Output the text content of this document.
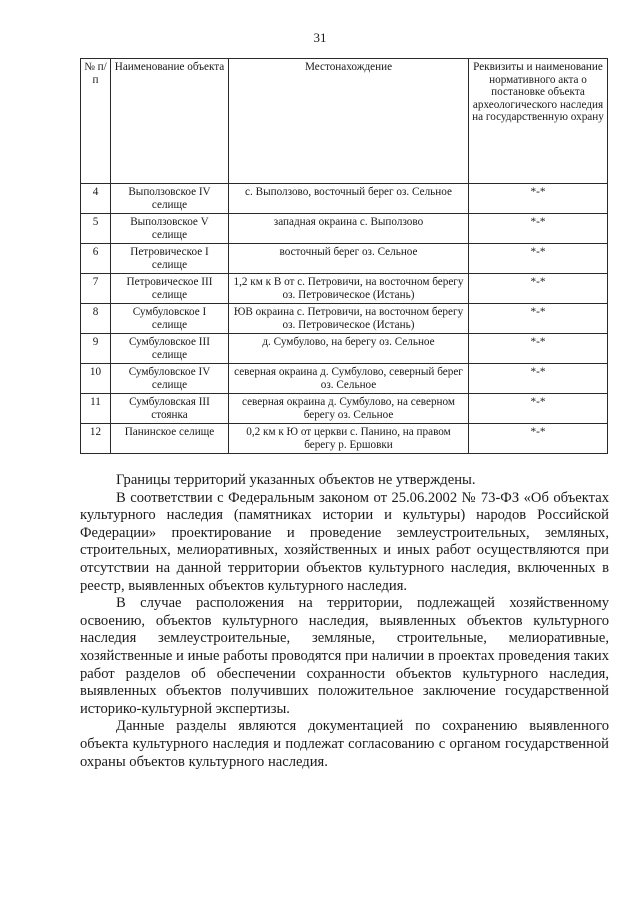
31
№ п/п	Наименование объекта	Местонахождение	Реквизиты и наименование нормативного акта о постановке объекта археологического наследия на государственную охрану
4	Выползовское IV селище	с. Выползово, восточный берег оз. Сельное	*-*
5	Выползовское V селище	западная окраина с. Выползово	*-*
6	Петровическое I селище	восточный берег оз. Сельное	*-*
7	Петровическое III селище	1,2 км к В от с. Петровичи, на восточном берегу оз. Петровическое (Истань)	*-*
8	Сумбуловское I селище	ЮВ окраина с. Петровичи, на восточном берегу оз. Петровическое (Истань)	*-*
9	Сумбуловское III селище	д. Сумбулово, на берегу оз. Сельное	*-*
10	Сумбуловское IV селище	северная окраина д. Сумбулово, северный берег оз. Сельное	*-*
11	Сумбуловская III стоянка	северная окраина д. Сумбулово, на северном берегу оз. Сельное	*-*
12	Панинское селище	0,2 км к Ю от церкви с. Панино, на правом берегу р. Ершовки	*-*

Границы территорий указанных объектов не утверждены.

В соответствии с Федеральным законом от 25.06.2002 № 73-ФЗ «Об объектах культурного наследия (памятниках истории и культуры) народов Российской Федерации» проектирование и проведение землеустроительных, земляных, строительных, мелиоративных, хозяйственных и иных работ осуществляются при отсутствии на данной территории объектов культурного наследия, включенных в реестр, выявленных объектов культурного наследия.

В случае расположения на территории, подлежащей хозяйственному освоению, объектов культурного наследия, выявленных объектов культурного наследия землеустроительные, земляные, строительные, мелиоративные, хозяйственные и иные работы проводятся при наличии в проектах проведения таких работ разделов об обеспечении сохранности объектов культурного наследия, выявленных объектов получивших положительное заключение государственной историко-культурной экспертизы.

Данные разделы являются документацией по сохранению выявленного объекта культурного наследия и подлежат согласованию с органом государственной охраны объектов культурного наследия.
